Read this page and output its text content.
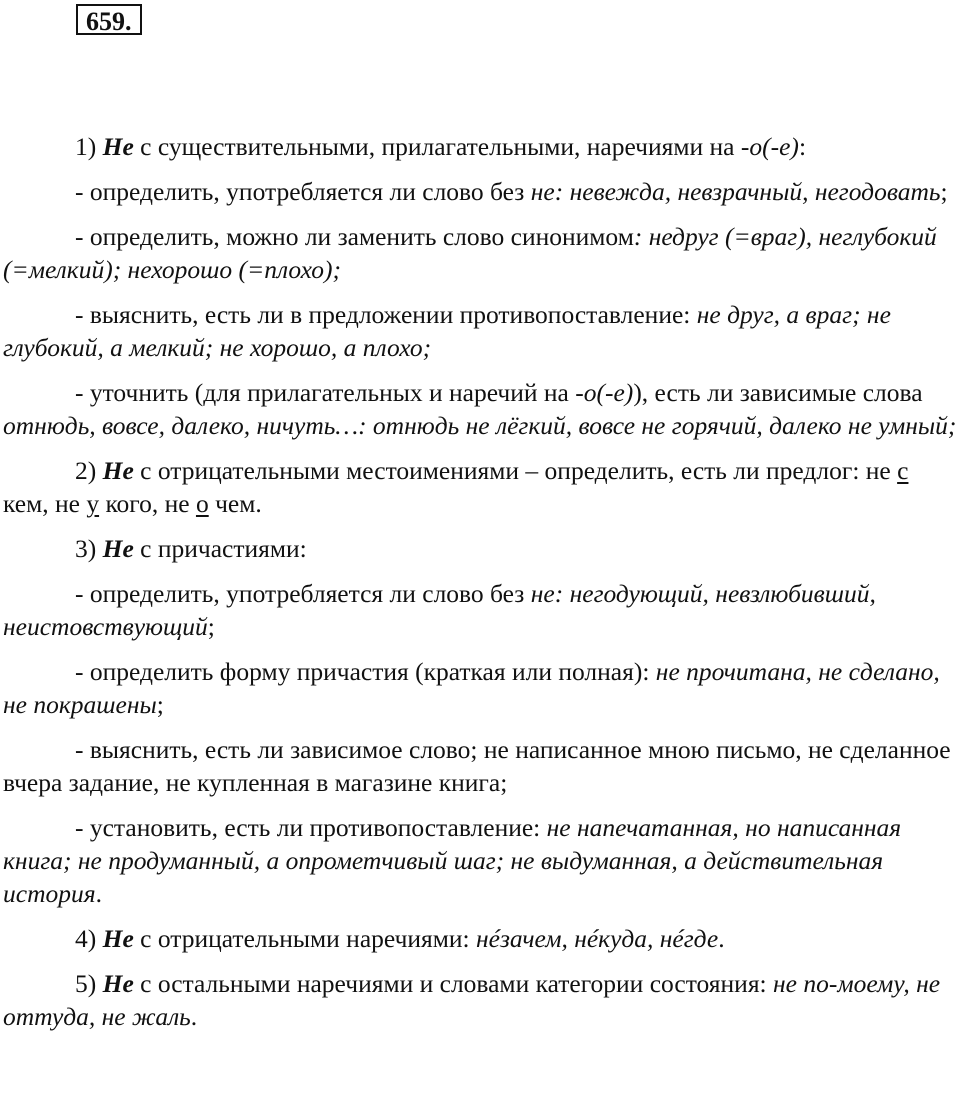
659.

1) Не с существительными, прилагательными, наречиями на -о(-е):

- определить, употребляется ли слово без не: невежда, невзрачный, негодовать;

- определить, можно ли заменить слово синонимом: недруг (=враг), неглубокий (=мелкий); нехорошо (=плохо);

- выяснить, есть ли в предложении противопоставление: не друг, а враг; не глубокий, а мелкий; не хорошо, а плохо;

- уточнить (для прилагательных и наречий на -о(-е)), есть ли зависимые слова отнюдь, вовсе, далеко, ничуть…: отнюдь не лёгкий, вовсе не горячий, далеко не умный;

2) Не с отрицательными местоимениями – определить, есть ли предлог: не с кем, не у кого, не о чем.

3) Не с причастиями:

- определить, употребляется ли слово без не: негодующий, невзлюбивший, неистовствующий;

- определить форму причастия (краткая или полная): не прочитана, не сделано, не покрашены;

- выяснить, есть ли зависимое слово; не написанное мною письмо, не сделанное вчера задание, не купленная в магазине книга;

- установить, есть ли противопоставление: не напечатанная, но написанная книга; не продуманный, а опрометчивый шаг; не выдуманная, а действительная история.

4) Не с отрицательными наречиями: нéзачем, нéкуда, нéгде.

5) Не с остальными наречиями и словами категории состояния: не по-моему, не оттуда, не жаль.
